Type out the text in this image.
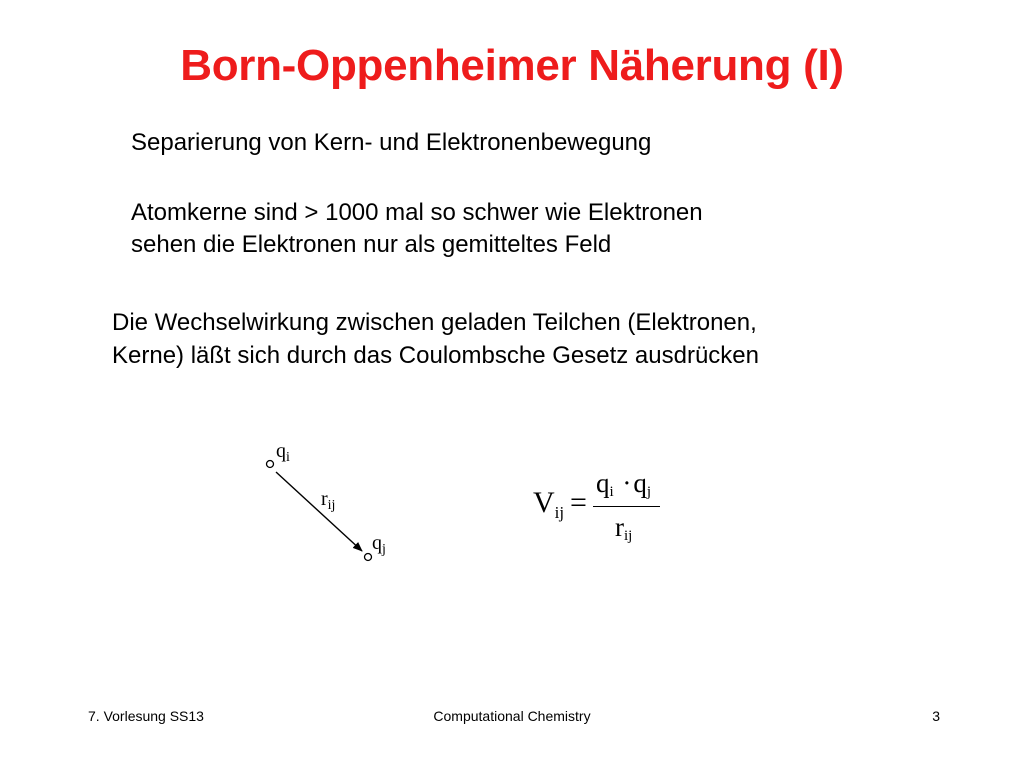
Born-Oppenheimer Näherung (I)
Separierung von Kern- und Elektronenbewegung
Atomkerne sind > 1000 mal so schwer wie Elektronen
sehen die Elektronen nur als gemitteltes Feld
Die Wechselwirkung zwischen geladen Teilchen (Elektronen,
Kerne) läßt sich durch das Coulombsche Gesetz ausdrücken
$q_i$
$r_{ij}$
$q_j$
$V_{ij}$ =
$q_i \cdot q_j$
$r_{ij}$
7. Vorlesung SS13	Computational Chemistry	3
